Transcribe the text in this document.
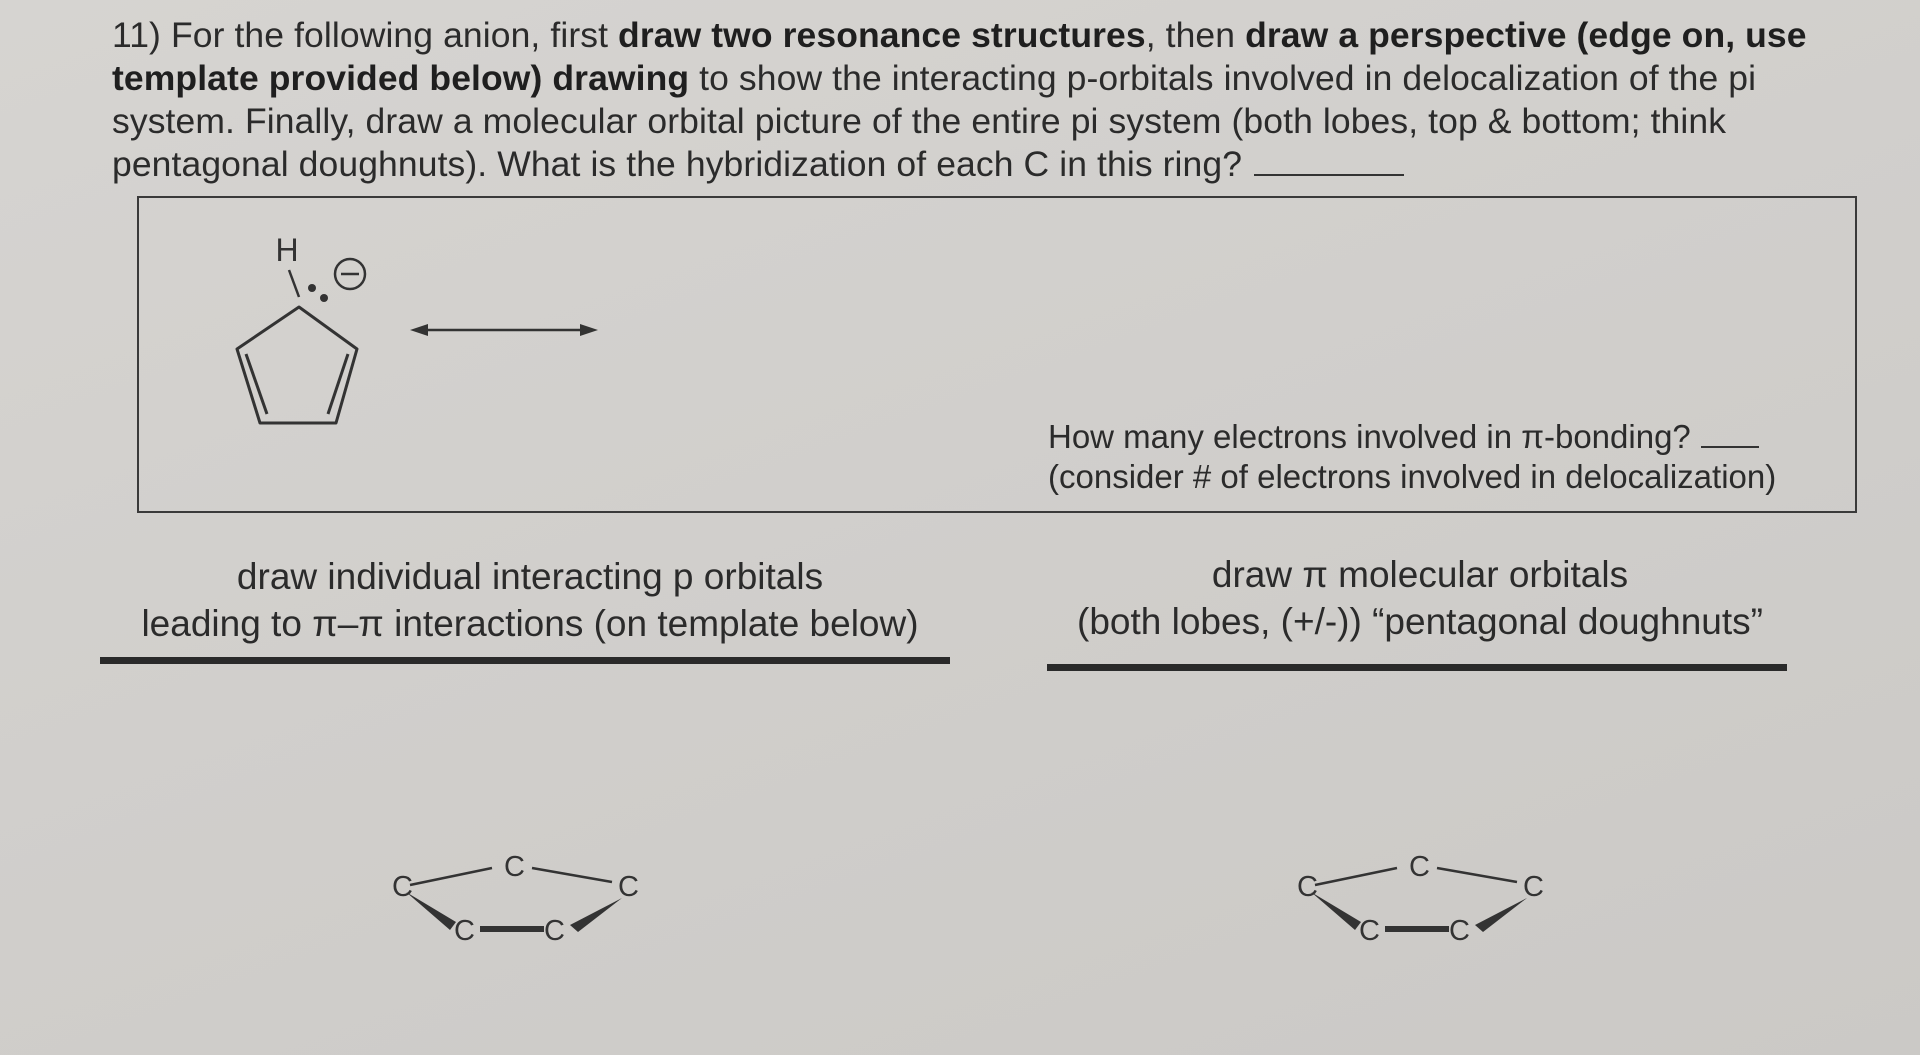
11) For the following anion, first draw two resonance structures, then draw a perspective (edge on, use template provided below) drawing to show the interacting p-orbitals involved in delocalization of the pi system. Finally, draw a molecular orbital picture of the entire pi system (both lobes, top & bottom; think pentagonal doughnuts). What is the hybridization of each C in this ring?
H
−
How many electrons involved in π-bonding?
(consider # of electrons involved in delocalization)
draw individual interacting p orbitals
leading to π–π interactions (on template below)
draw π molecular orbitals
(both lobes, (+/-)) “pentagonal doughnuts”
C
C	C
C C
C
C	C
C C
